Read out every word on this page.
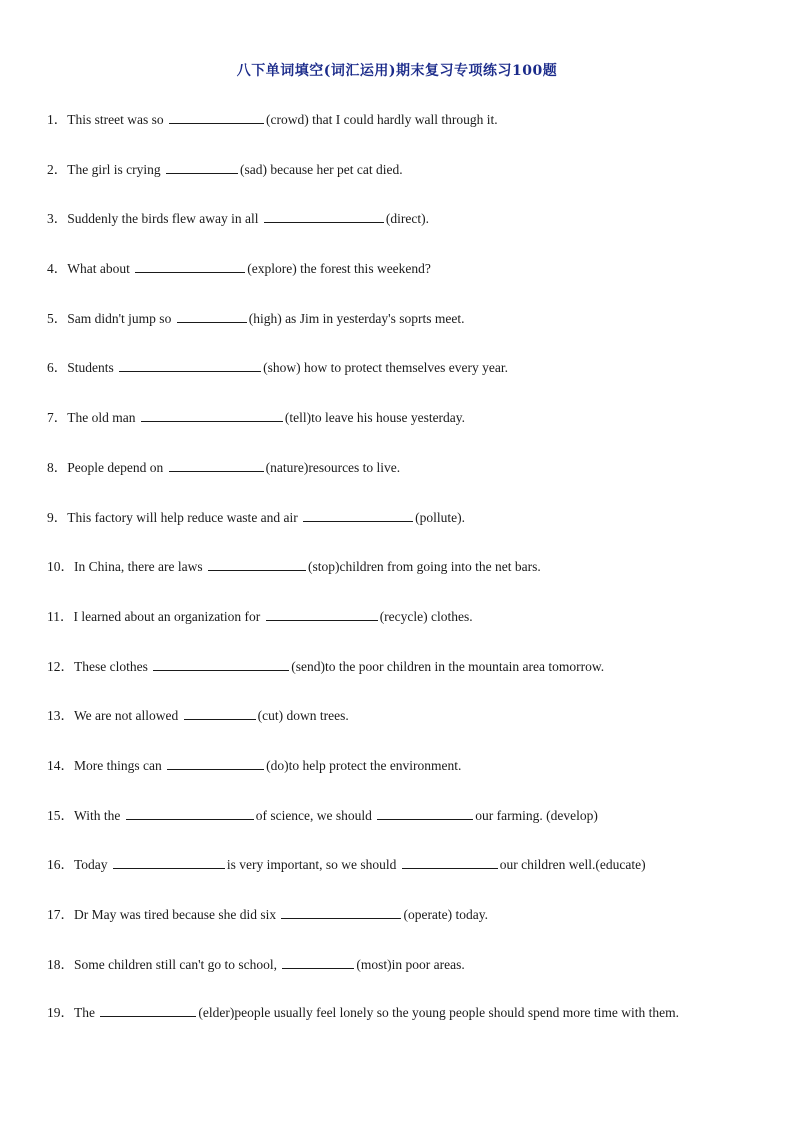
八下单词填空(词汇运用)期末复习专项练习100题
1．This street was so	(crowd) that I could hardly wall through it.
2．The girl is crying	(sad) because her pet cat died.
3．Suddenly the birds flew away in all	(direct).
4．What about	(explore) the forest this weekend?
5．Sam didn't jump so	(high) as Jim in yesterday's soprts meet.
6．Students	(show) how to protect themselves every year.
7．The old man	(tell)to leave his house yesterday.
8．People depend on	(nature)resources to live.
9．This factory will help reduce waste and air	(pollute).
10．In China, there are laws	(stop)children from going into the net bars.
11．I learned about an organization for	(recycle) clothes.
12．These clothes	(send)to the poor children in the mountain area tomorrow.
13．We are not allowed	(cut) down trees.
14．More things can	(do)to help protect the environment.
15．With the	of science, we should	our farming. (develop)
16．Today	is very important, so we should	our children well.(educate)
17．Dr May was tired because she did six	(operate) today.
18．Some children still can't go to school,	(most)in poor areas.
19．The	(elder)people usually feel lonely so the young people should spend more time with them.
